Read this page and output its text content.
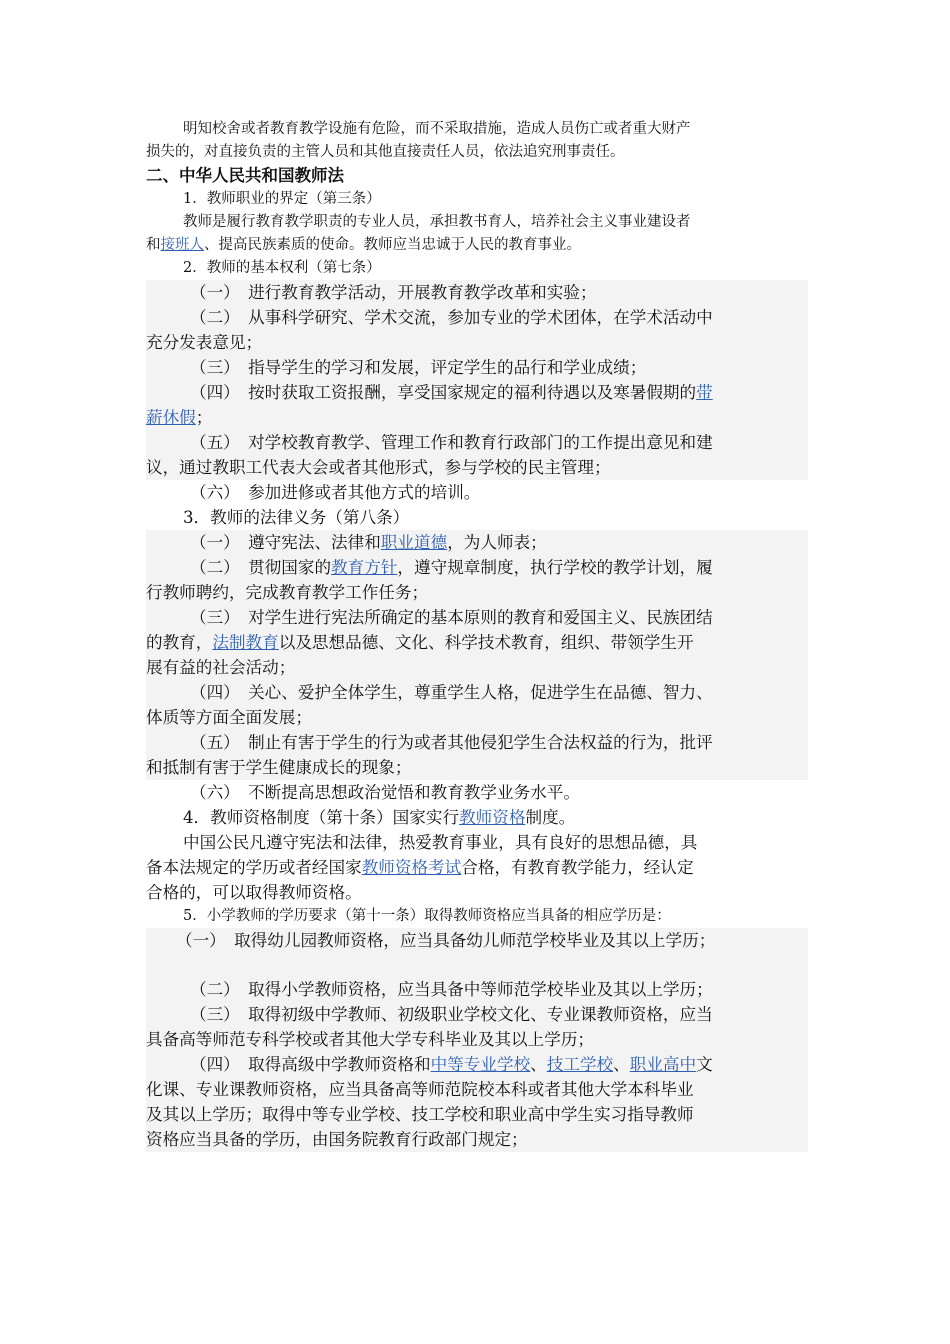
明知校舍或者教育教学设施有危险，而不采取措施，造成人员伤亡或者重大财产
损失的，对直接负责的主管人员和其他直接责任人员，依法追究刑事责任。
二、中华人民共和国教师法
1．教师职业的界定（第三条）
教师是履行教育教学职责的专业人员，承担教书育人，培养社会主义事业建设者
和接班人、提高民族素质的使命。教师应当忠诚于人民的教育事业。
2．教师的基本权利（第七条）
（一）　进行教育教学活动，开展教育教学改革和实验；
（二）　从事科学研究、学术交流，参加专业的学术团体，在学术活动中
充分发表意见；
（三）　指导学生的学习和发展，评定学生的品行和学业成绩；
（四）　按时获取工资报酬，享受国家规定的福利待遇以及寒暑假期的带
薪休假；
（五）　对学校教育教学、管理工作和教育行政部门的工作提出意见和建
议，通过教职工代表大会或者其他形式，参与学校的民主管理；
（六）　参加进修或者其他方式的培训。
3．教师的法律义务（第八条）
（一）　遵守宪法、法律和职业道德，为人师表；
（二）　贯彻国家的教育方针，遵守规章制度，执行学校的教学计划，履
行教师聘约，完成教育教学工作任务；
（三）　对学生进行宪法所确定的基本原则的教育和爱国主义、民族团结
的教育，法制教育以及思想品德、文化、科学技术教育，组织、带领学生开
展有益的社会活动；
（四）　关心、爱护全体学生，尊重学生人格，促进学生在品德、智力、
体质等方面全面发展；
（五）　制止有害于学生的行为或者其他侵犯学生合法权益的行为，批评
和抵制有害于学生健康成长的现象；
（六）　不断提高思想政治觉悟和教育教学业务水平。
4．教师资格制度（第十条）国家实行教师资格制度。
中国公民凡遵守宪法和法律，热爱教育事业，具有良好的思想品德，具
备本法规定的学历或者经国家教师资格考试合格，有教育教学能力，经认定
合格的，可以取得教师资格。
5．小学教师的学历要求（第十一条）取得教师资格应当具备的相应学历是：
（一）　取得幼儿园教师资格，应当具备幼儿师范学校毕业及其以上学历；
（二）　取得小学教师资格，应当具备中等师范学校毕业及其以上学历；
（三）　取得初级中学教师、初级职业学校文化、专业课教师资格，应当
具备高等师范专科学校或者其他大学专科毕业及其以上学历；
（四）　取得高级中学教师资格和中等专业学校、技工学校、职业高中文
化课、专业课教师资格，应当具备高等师范院校本科或者其他大学本科毕业
及其以上学历；取得中等专业学校、技工学校和职业高中学生实习指导教师
资格应当具备的学历，由国务院教育行政部门规定；
